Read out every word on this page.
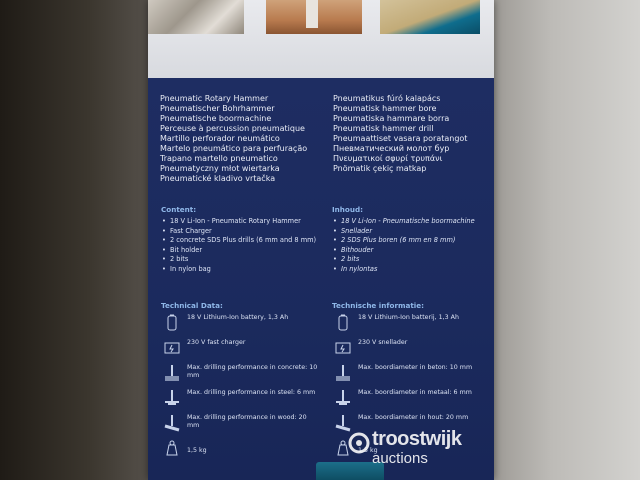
Pneumatic Rotary Hammer

Pneumatischer Bohrhammer

Pneumatische boormachine

Perceuse à percussion pneumatique

Martillo perforador neumático

Martelo pneumático para perfuração

Trapano martello pneumatico

Pneumatyczny młot wiertarka

Pneumatické kladivo vrtačka

Pneumatikus fúró kalapács

Pneumatisk hammer bore

Pneumatiska hammare borra

Pneumatisk hammer drill

Pneumaattiset vasara poratangot

Пневматический молот бур

Πνευματικοί σφυρί τρυπάνι

Pnömatik çekiç matkap

Content:

• 18 V Li-Ion - Pneumatic Rotary Hammer
• Fast Charger
• 2 concrete SDS Plus drills (6 mm and 8 mm)
• Bit holder
• 2 bits
• In nylon bag

Inhoud:

• 18 V Li-Ion - Pneumatische boormachine
• Snellader
• 2 SDS Plus boren (6 mm en 8 mm)
• Bithouder
• 2 bits
• In nylontas

Technical Data:

18 V Lithium-Ion battery, 1,3 Ah
230 V fast charger
Max. drilling performance in concrete: 10 mm
Max. drilling performance in steel: 6 mm
Max. drilling performance in wood: 20 mm
1,5 kg

Technische informatie:

18 V Lithium-Ion batterij, 1,3 Ah
230 V snellader
Max. boordiameter in beton: 10 mm
Max. boordiameter in metaal: 6 mm
Max. boordiameter in hout: 20 mm
1,5 kg
troostwijk
auctions
